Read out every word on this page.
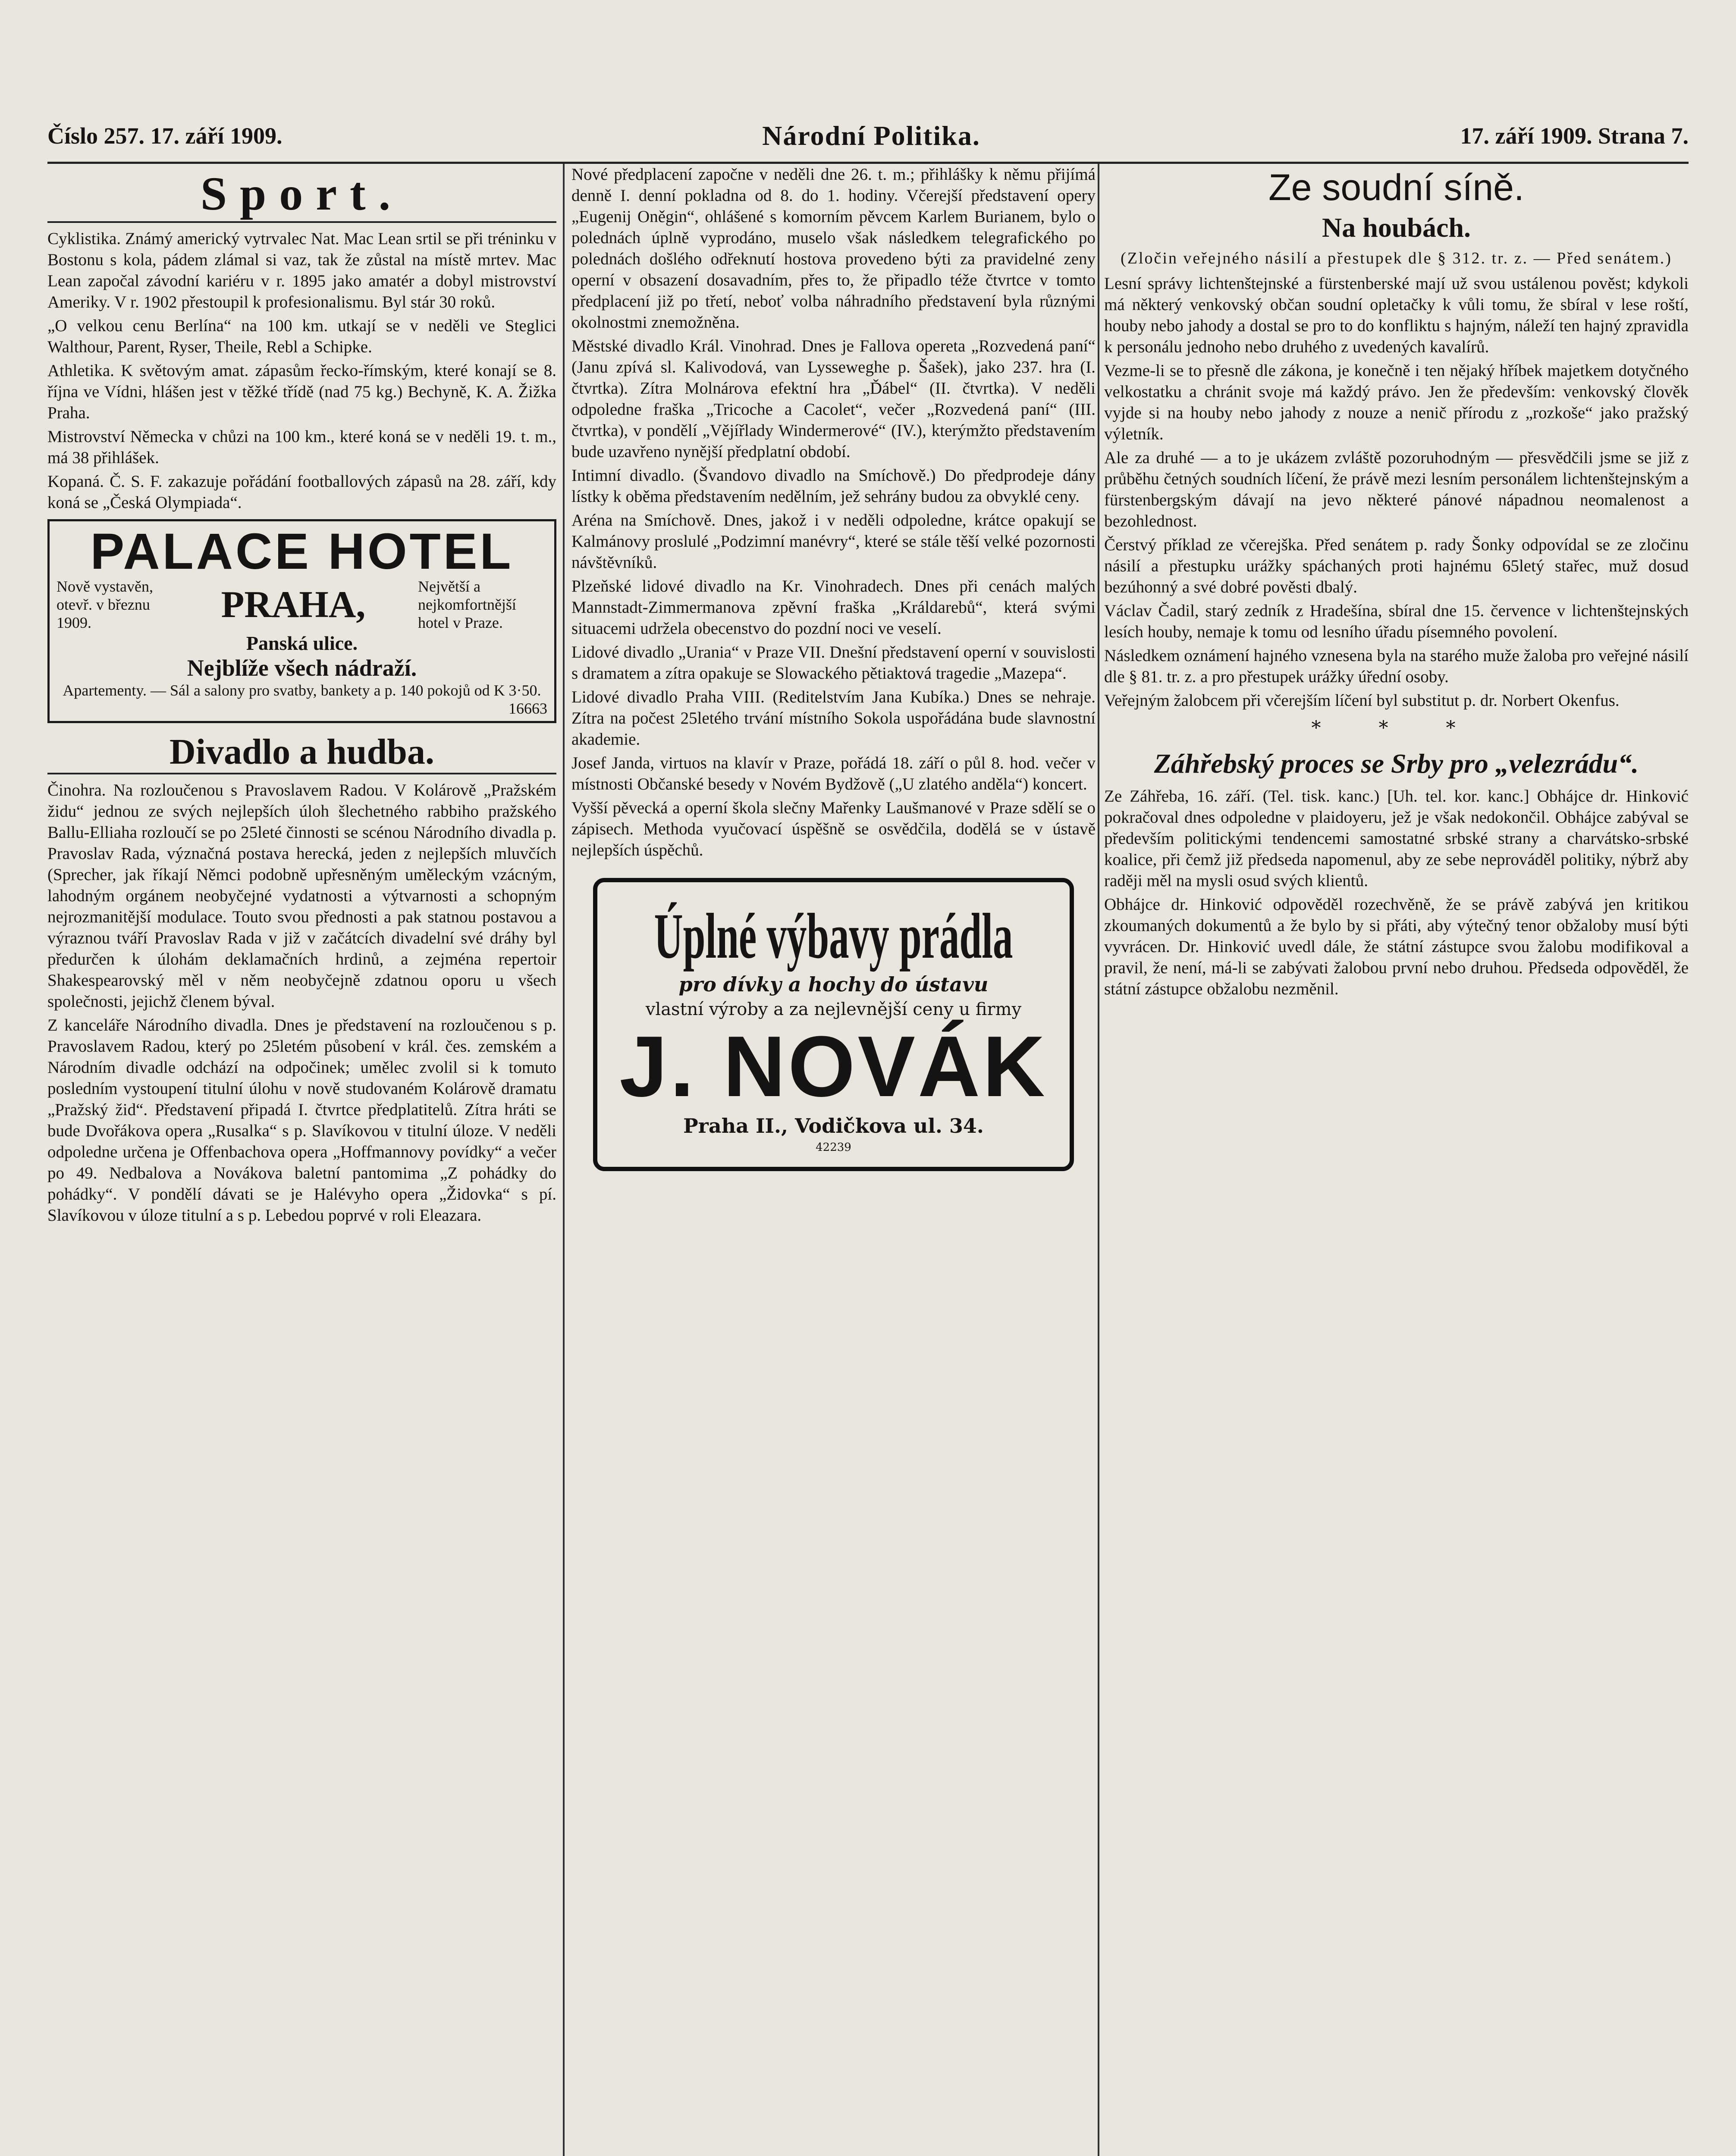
Číslo 257. 17. září 1909.	Národní Politika.	17. září 1909. Strana 7.
Sport.

Cyklistika. Známý americký vytrvalec Nat. Mac Lean srtil se při tréninku v Bostonu s kola, pádem zlámal si vaz, tak že zůstal na místě mrtev. Mac Lean započal závodní kariéru v r. 1895 jako amatér a dobyl mistrovství Ameriky. V r. 1902 přestoupil k profesionalismu. Byl stár 30 roků.

„O velkou cenu Berlína“ na 100 km. utkají se v neděli ve Steglici Walthour, Parent, Ryser, Theile, Rebl a Schipke.

Athletika. K světovým amat. zápasům řecko-římským, které konají se 8. října ve Vídni, hlášen jest v těžké třídě (nad 75 kg.) Bechyně, K. A. Žižka Praha.

Mistrovství Německa v chůzi na 100 km., které koná se v neděli 19. t. m., má 38 přihlášek.

Kopaná. Č. S. F. zakazuje pořádání footballových zápasů na 28. září, kdy koná se „Česká Olympiada“.

PALACE HOTEL
Nově vystavěn, otevř. v březnu 1909.	PRAHA,	Největší a nejkomfortnější hotel v Praze.
Panská ulice.
Nejblíže všech nádraží.
Apartementy. — Sál a salony pro svatby, bankety a p. 140 pokojů od K 3·50.
16663
Divadlo a hudba.

Činohra. Na rozloučenou s Pravoslavem Radou. V Kolárově „Pražském židu“ jednou ze svých nejlepších úloh šlechetného rabbiho pražského Ballu-Elliaha rozloučí se po 25leté činnosti se scénou Národního divadla p. Pravoslav Rada, význačná postava herecká, jeden z nejlepších mluvčích (Sprecher, jak říkají Němci podobně upřesněným uměleckým vzácným, lahodným orgánem neobyčejné vydatnosti a výtvarnosti a schopným nejrozmanitější modulace. Touto svou přednosti a pak statnou postavou a výraznou tváří Pravoslav Rada v již v začátcích divadelní své dráhy byl předurčen k úlohám deklamačních hrdinů, a zejména repertoir Shakespearovský měl v něm neobyčejně zdatnou oporu u všech společnosti, jejichž členem býval.

Z kanceláře Národního divadla. Dnes je představení na rozloučenou s p. Pravoslavem Radou, který po 25letém působení v král. čes. zemském a Národním divadle odchází na odpočinek; umělec zvolil si k tomuto posledním vystoupení titulní úlohu v nově studovaném Kolárově dramatu „Pražský žid“. Představení připadá I. čtvrtce předplatitelů. Zítra hráti se bude Dvořákova opera „Rusalka“ s p. Slavíkovou v titulní úloze. V neděli odpoledne určena je Offenbachova opera „Hoffmannovy povídky“ a večer po 49. Nedbalova a Novákova baletní pantomima „Z pohádky do pohádky“. V pondělí dávati se je Halévyho opera „Židovka“ s pí. Slavíkovou v úloze titulní a s p. Lebedou poprvé v roli Eleazara.

Nové předplacení započne v neděli dne 26. t. m.; přihlášky k němu přijímá denně I. denní pokladna od 8. do 1. hodiny. Včerejší představení opery „Eugenij Oněgin“, ohlášené s komorním pěvcem Karlem Burianem, bylo o polednách úplně vyprodáno, muselo však následkem telegrafického po polednách došlého odřeknutí hostova provedeno býti za pravidelné zeny operní v obsazení dosavadním, přes to, že připadlo téže čtvrtce v tomto předplacení již po třetí, neboť volba náhradního představení byla různými okolnostmi znemožněna.

Městské divadlo Král. Vinohrad. Dnes je Fallova opereta „Rozvedená paní“ (Janu zpívá sl. Kalivodová, van Lysseweghe p. Šašek), jako 237. hra (I. čtvrtka). Zítra Molnárova efektní hra „Ďábel“ (II. čtvrtka). V neděli odpoledne fraška „Tricoche a Cacolet“, večer „Rozvedená paní“ (III. čtvrtka), v pondělí „Vějířlady Windermerové“ (IV.), kterýmžto představením bude uzavřeno nynější předplatní období.

Intimní divadlo. (Švandovo divadlo na Smíchově.) Do předprodeje dány lístky k oběma představením nedělním, jež sehrány budou za obvyklé ceny.

Aréna na Smíchově. Dnes, jakož i v neděli odpoledne, krátce opakují se Kalmánovy proslulé „Podzimní manévry“, které se stále těší velké pozornosti návštěvníků.

Plzeňské lidové divadlo na Kr. Vinohradech. Dnes při cenách malých Mannstadt-Zimmermanova zpěvní fraška „Králdarebů“, která svými situacemi udržela obecenstvo do pozdní noci ve veselí.

Lidové divadlo „Urania“ v Praze VII. Dnešní představení operní v souvislosti s dramatem a zítra opakuje se Slowackého pětiaktová tragedie „Mazepa“.

Lidové divadlo Praha VIII. (Reditelstvím Jana Kubíka.) Dnes se nehraje. Zítra na počest 25letého trvání místního Sokola uspořádána bude slavnostní akademie.

Josef Janda, virtuos na klavír v Praze, pořádá 18. září o půl 8. hod. večer v místnosti Občanské besedy v Novém Bydžově („U zlatého anděla“) koncert.

Vyšší pěvecká a operní škola slečny Mařenky Laušmanové v Praze sdělí se o zápisech. Methoda vyučovací úspěšně se osvědčila, dodělá se v ústavě nejlepších úspěchů.

Úplné výbavy prádla
pro dívky a hochy do ústavu
vlastní výroby a za nejlevnější ceny u firmy
J. NOVÁK
Praha II., Vodičkova ul. 34.
42239
Ze soudní síně.
Na houbách.
(Zločin veřejného násilí a přestupek dle § 312. tr. z. — Před senátem.)

Lesní správy lichtenštejnské a fürstenberské mají už svou ustálenou pověst; kdykoli má některý venkovský občan soudní opletačky k vůli tomu, že sbíral v lese roští, houby nebo jahody a dostal se pro to do konfliktu s hajným, náleží ten hajný zpravidla k personálu jednoho nebo druhého z uvedených kavalírů.

Vezme-li se to přesně dle zákona, je konečně i ten nějaký hříbek majetkem dotyčného velkostatku a chránit svoje má každý právo. Jen že především: venkovský člověk vyjde si na houby nebo jahody z nouze a nenič přírodu z „rozkoše“ jako pražský výletník.

Ale za druhé — a to je ukázem zvláště pozoruhodným — přesvědčili jsme se již z průběhu četných soudních líčení, že právě mezi lesním personálem lichtenštejnským a fürstenbergským dávají na jevo některé pánové nápadnou neomalenost a bezohlednost.

Čerstvý příklad ze včerejška. Před senátem p. rady Šonky odpovídal se ze zločinu násilí a přestupku urážky spáchaných proti hajnému 65letý stařec, muž dosud bezúhonný a své dobré pověsti dbalý.

Václav Čadil, starý zedník z Hradešína, sbíral dne 15. července v lichtenštejnských lesích houby, nemaje k tomu od lesního úřadu písemného povolení.

Následkem oznámení hajného vznesena byla na starého muže žaloba pro veřejné násilí dle § 81. tr. z. a pro přestupek urážky úřední osoby.

Veřejným žalobcem při včerejším líčení byl substitut p. dr. Norbert Okenfus.

* * *
Záhřebský proces se Srby pro „velezrádu“.

Ze Záhřeba, 16. září. (Tel. tisk. kanc.) [Uh. tel. kor. kanc.] Obhájce dr. Hinković pokračoval dnes odpoledne v plaidoyeru, jež je však nedokončil. Obhájce zabýval se především politickými tendencemi samostatné srbské strany a charvátsko-srbské koalice, při čemž již předseda napomenul, aby ze sebe neprováděl politiky, nýbrž aby raději měl na mysli osud svých klientů.

Obhájce dr. Hinković odpověděl rozechvěně, že se právě zabývá jen kritikou zkoumaných dokumentů a že bylo by si přáti, aby výtečný tenor obžaloby musí býti vyvrácen. Dr. Hinković uvedl dále, že státní zástupce svou žalobu modifikoval a pravil, že není, má-li se zabývati žalobou první nebo druhou. Předseda odpověděl, že státní zástupce obžalobu nezměnil.
